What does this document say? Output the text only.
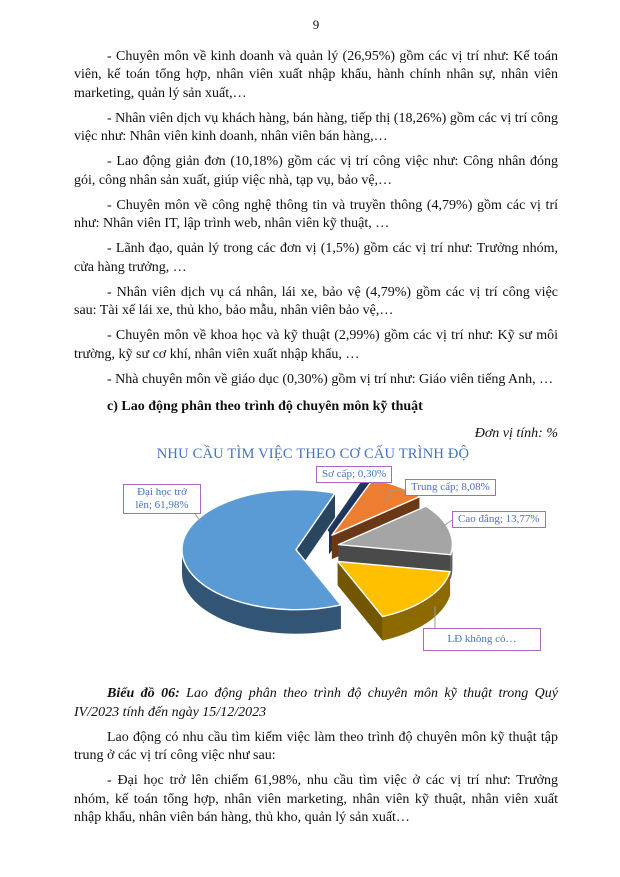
9

- Chuyên môn về kinh doanh và quản lý (26,95%) gồm các vị trí như: Kế toán viên, kế toán tổng hợp, nhân viên xuất nhập khẩu, hành chính nhân sự, nhân viên marketing, quản lý sản xuất,…

- Nhân viên dịch vụ khách hàng, bán hàng, tiếp thị (18,26%) gồm các vị trí công việc như: Nhân viên kinh doanh, nhân viên bán hàng,…

- Lao động giản đơn (10,18%) gồm các vị trí công việc như: Công nhân đóng gói, công nhân sản xuất, giúp việc nhà, tạp vụ, bảo vệ,…

- Chuyên môn về công nghệ thông tin và truyền thông (4,79%) gồm các vị trí như: Nhân viên IT, lập trình web, nhân viên kỹ thuật, …

- Lãnh đạo, quản lý trong các đơn vị (1,5%) gồm các vị trí như: Trưởng nhóm, cửa hàng trưởng, …

- Nhân viên dịch vụ cá nhân, lái xe, bảo vệ (4,79%) gồm các vị trí công việc sau: Tài xế lái xe, thủ kho, bảo mẫu, nhân viên bảo vệ,…

- Chuyên môn về khoa học và kỹ thuật (2,99%) gồm các vị trí như: Kỹ sư môi trường, kỹ sư cơ khí, nhân viên xuất nhập khẩu, …

- Nhà chuyên môn về giáo dục (0,30%) gồm vị trí như: Giáo viên tiếng Anh, …

c) Lao động phân theo trình độ chuyên môn kỹ thuật

Đơn vị tính: %

NHU CẦU TÌM VIỆC THEO CƠ CẤU TRÌNH ĐỘ
Sơ cấp; 0,30%
Trung cấp; 8,08%
Cao đẳng; 13,77%
LĐ không có…
Đại học trở lên; 61,98%

Biểu đồ 06: Lao động phân theo trình độ chuyên môn kỹ thuật trong Quý IV/2023 tính đến ngày 15/12/2023

Lao động có nhu cầu tìm kiếm việc làm theo trình độ chuyên môn kỹ thuật tập trung ở các vị trí công việc như sau:

- Đại học trở lên chiếm 61,98%, nhu cầu tìm việc ở các vị trí như: Trưởng nhóm, kế toán tổng hợp, nhân viên marketing, nhân viên kỹ thuật, nhân viên xuất nhập khẩu, nhân viên bán hàng, thủ kho, quản lý sản xuất…
